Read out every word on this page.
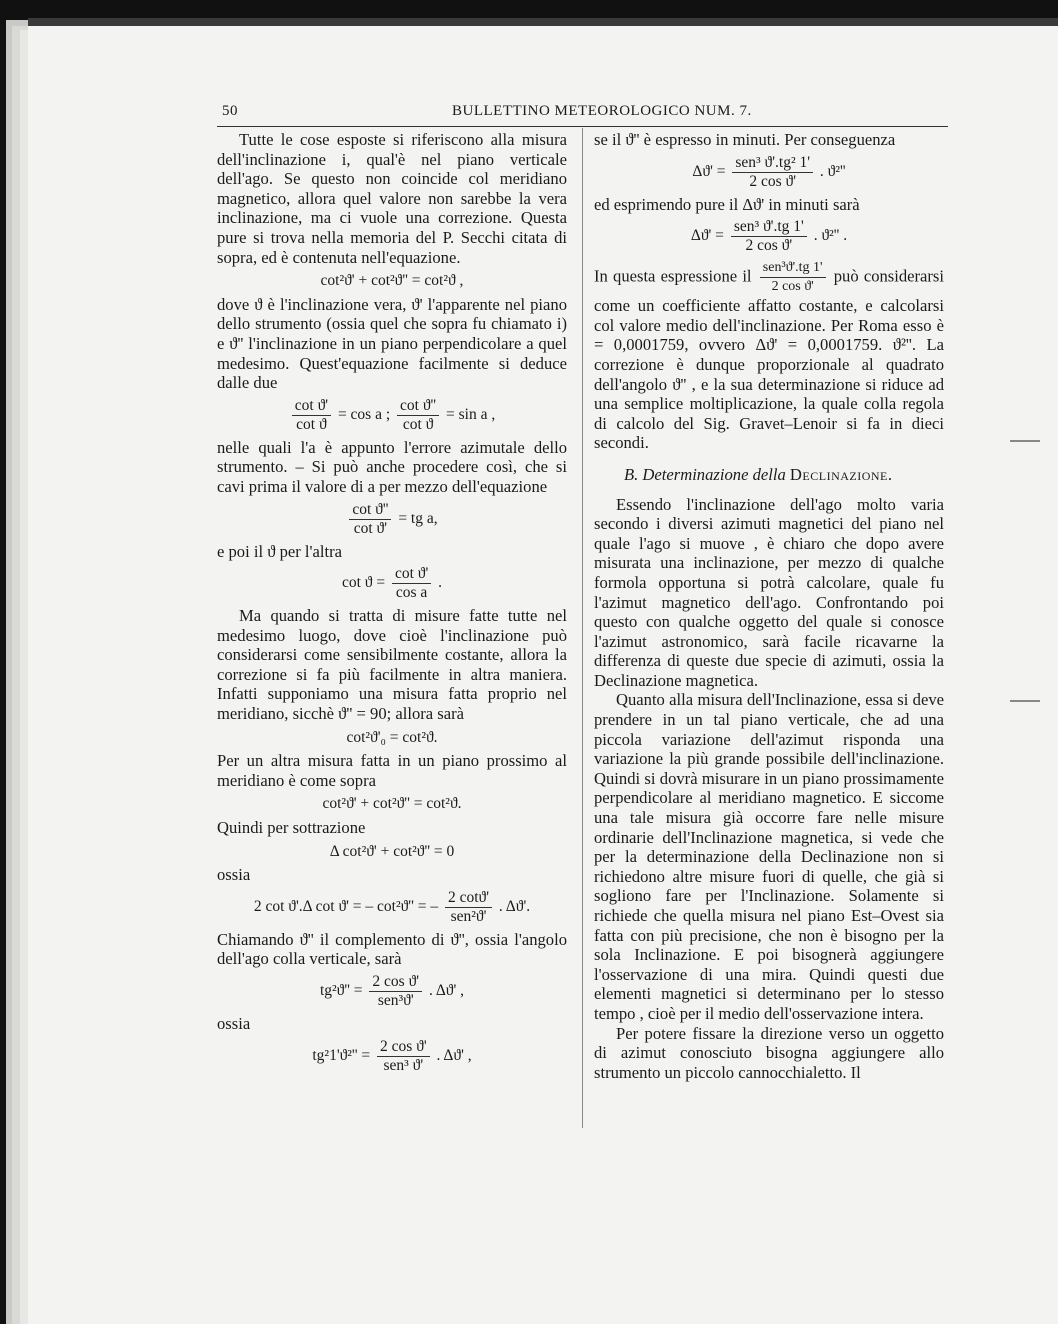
50	BULLETTINO METEOROLOGICO NUM. 7.

Tutte le cose esposte si riferiscono alla misura dell'inclinazione i, qual'è nel piano verticale dell'ago. Se questo non coincide col meridiano magnetico, allora quel valore non sarebbe la vera inclinazione, ma ci vuole una correzione. Questa pure si trova nella memoria del P. Secchi citata di sopra, ed è contenuta nell'equazione.

cot²ϑ' + cot²ϑ'' = cot²ϑ ,

dove ϑ è l'inclinazione vera, ϑ' l'apparente nel piano dello strumento (ossia quel che sopra fu chiamato i) e ϑ'' l'inclinazione in un piano perpendicolare a quel medesimo. Quest'equazione facilmente si deduce dalle due

$\frac{\text{cot ϑ'}}{\text{cot ϑ}} = \cos a$ ; $\frac{\text{cot ϑ''}}{\text{cot ϑ}} = \sin a$ ,

nelle quali l'a è appunto l'errore azimutale dello strumento. – Si può anche procedere così, che si cavi prima il valore di a per mezzo dell'equazione

$\frac{\text{cot ϑ''}}{\text{cot ϑ'}}$ = tg a,

e poi il ϑ per l'altra

$\cot ϑ = \frac{\text{cot ϑ'}}{\text{cos a}}$ .

Ma quando si tratta di misure fatte tutte nel medesimo luogo, dove cioè l'inclinazione può considerarsi come sensibilmente costante, allora la correzione si fa più facilmente in altra maniera. Infatti supponiamo una misura fatta proprio nel meridiano, sicchè ϑ'' = 90; allora sarà

cot²ϑ'₀ = cot²ϑ.

Per un altra misura fatta in un piano prossimo al meridiano è come sopra

cot²ϑ' + cot²ϑ'' = cot²ϑ.

Quindi per sottrazione

Δ cot²ϑ' + cot²ϑ'' = 0

ossia

2 cot ϑ'.Δ cot ϑ' = – cot²ϑ'' = – $\frac{2 \cot ϑ'}{\text{sen²ϑ'}}$ . Δϑ'.

Chiamando ϑ'' il complemento di ϑ'', ossia l'angolo dell'ago colla verticale, sarà

$tg^2ϑ'' = \frac{\text{2 cos ϑ'}}{\text{sen³ϑ'}}$ . Δϑ' ,

ossia

$tg^21'ϑ^2'' = \frac{\text{2 cos ϑ'}}{\text{sen³ ϑ'}}$ . Δϑ' ,

se il ϑ'' è espresso in minuti. Per conseguenza

$\Delta ϑ' = \frac{\text{sen³ ϑ'.tg² 1'}}{\text{2 cos ϑ'}}$ . ϑ²''

ed esprimendo pure il Δϑ' in minuti sarà

$\Delta ϑ' = \frac{\text{sen³ ϑ'.tg 1'}}{\text{2 cos ϑ'}}$ . ϑ²'' .

In questa espressione il $\frac{\text{sen³ϑ'.tg 1'}}{\text{2 cos ϑ'}}$ può considerarsi come un coefficiente affatto costante, e calcolarsi col valore medio dell'inclinazione. Per Roma esso è = 0,0001759, ovvero Δϑ' = 0,0001759. ϑ²''. La correzione è dunque proporzionale al quadrato dell'angolo ϑ'' , e la sua determinazione si riduce ad una semplice moltiplicazione, la quale colla regola di calcolo del Sig. Gravet–Lenoir si fa in dieci secondi.

B. Determinazione della Declinazione.

Essendo l'inclinazione dell'ago molto varia secondo i diversi azimuti magnetici del piano nel quale l'ago si muove , è chiaro che dopo avere misurata una inclinazione, per mezzo di qualche formola opportuna si potrà calcolare, quale fu l'azimut magnetico dell'ago. Confrontando poi questo con qualche oggetto del quale si conosce l'azimut astronomico, sarà facile ricavarne la differenza di queste due specie di azimuti, ossia la Declinazione magnetica.

Quanto alla misura dell'Inclinazione, essa si deve prendere in un tal piano verticale, che ad una piccola variazione dell'azimut risponda una variazione la più grande possibile dell'inclinazione. Quindi si dovrà misurare in un piano prossimamente perpendicolare al meridiano magnetico. E siccome una tale misura già occorre fare nelle misure ordinarie dell'Inclinazione magnetica, si vede che per la determinazione della Declinazione non si richiedono altre misure fuori di quelle, che già si sogliono fare per l'Inclinazione. Solamente si richiede che quella misura nel piano Est–Ovest sia fatta con più precisione, che non è bisogno per la sola Inclinazione. E poi bisognerà aggiungere l'osservazione di una mira. Quindi questi due elementi magnetici si determinano per lo stesso tempo , cioè per il medio dell'osservazione intera.

Per potere fissare la direzione verso un oggetto di azimut conosciuto bisogna aggiungere allo strumento un piccolo cannocchialetto. Il
